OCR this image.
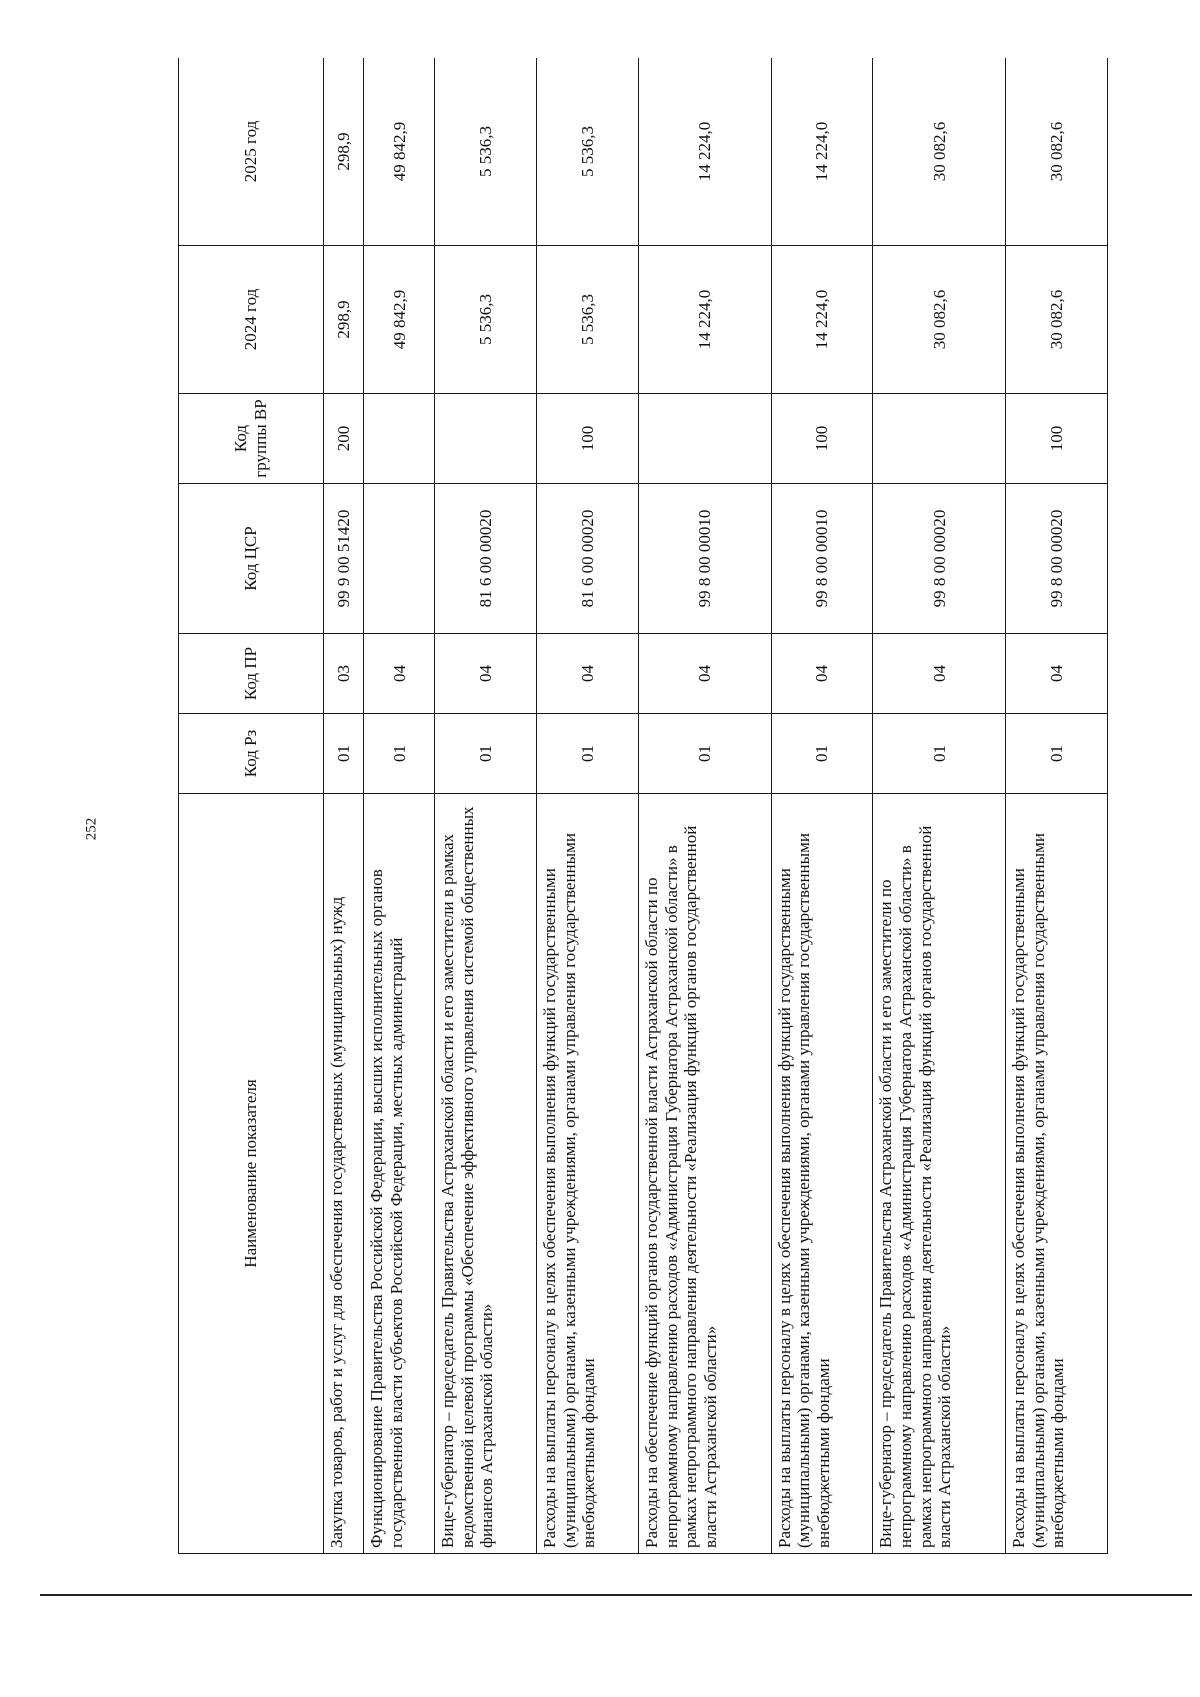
252
Наименование показателя	Код Рз	Код ПР	Код ЦСР	Код группы ВР	2024 год	2025 год
Закупка товаров, работ и услуг для обеспечения государственных (муниципальных) нужд	01	03	99 9 00 51420	200	298,9	298,9
Функционирование Правительства Российской Федерации, высших исполнительных органов государственной власти субъектов Российской Федерации, местных администраций	01	04			49 842,9	49 842,9
Вице-губернатор – председатель Правительства Астраханской области и его заместители в рамках ведомственной целевой программы «Обеспечение эффективного управления системой общественных финансов Астраханской области»	01	04	81 6 00 00020		5 536,3	5 536,3
Расходы на выплаты персоналу в целях обеспечения выполнения функций государственными (муниципальными) органами, казенными учреждениями, органами управления государственными внебюджетными фондами	01	04	81 6 00 00020	100	5 536,3	5 536,3
Расходы на обеспечение функций органов государственной власти Астраханской области по непрограммному направлению расходов «Администрация Губернатора Астраханской области» в рамках непрограммного направления деятельности «Реализация функций органов государственной власти Астраханской области»	01	04	99 8 00 00010		14 224,0	14 224,0
Расходы на выплаты персоналу в целях обеспечения выполнения функций государственными (муниципальными) органами, казенными учреждениями, органами управления государственными внебюджетными фондами	01	04	99 8 00 00010	100	14 224,0	14 224,0
Вице-губернатор – председатель Правительства Астраханской области и его заместители по непрограммному направлению расходов «Администрация Губернатора Астраханской области» в рамках непрограммного направления деятельности «Реализация функций органов государственной власти Астраханской области»	01	04	99 8 00 00020		30 082,6	30 082,6
Расходы на выплаты персоналу в целях обеспечения выполнения функций государственными (муниципальными) органами, казенными учреждениями, органами управления государственными внебюджетными фондами	01	04	99 8 00 00020	100	30 082,6	30 082,6
